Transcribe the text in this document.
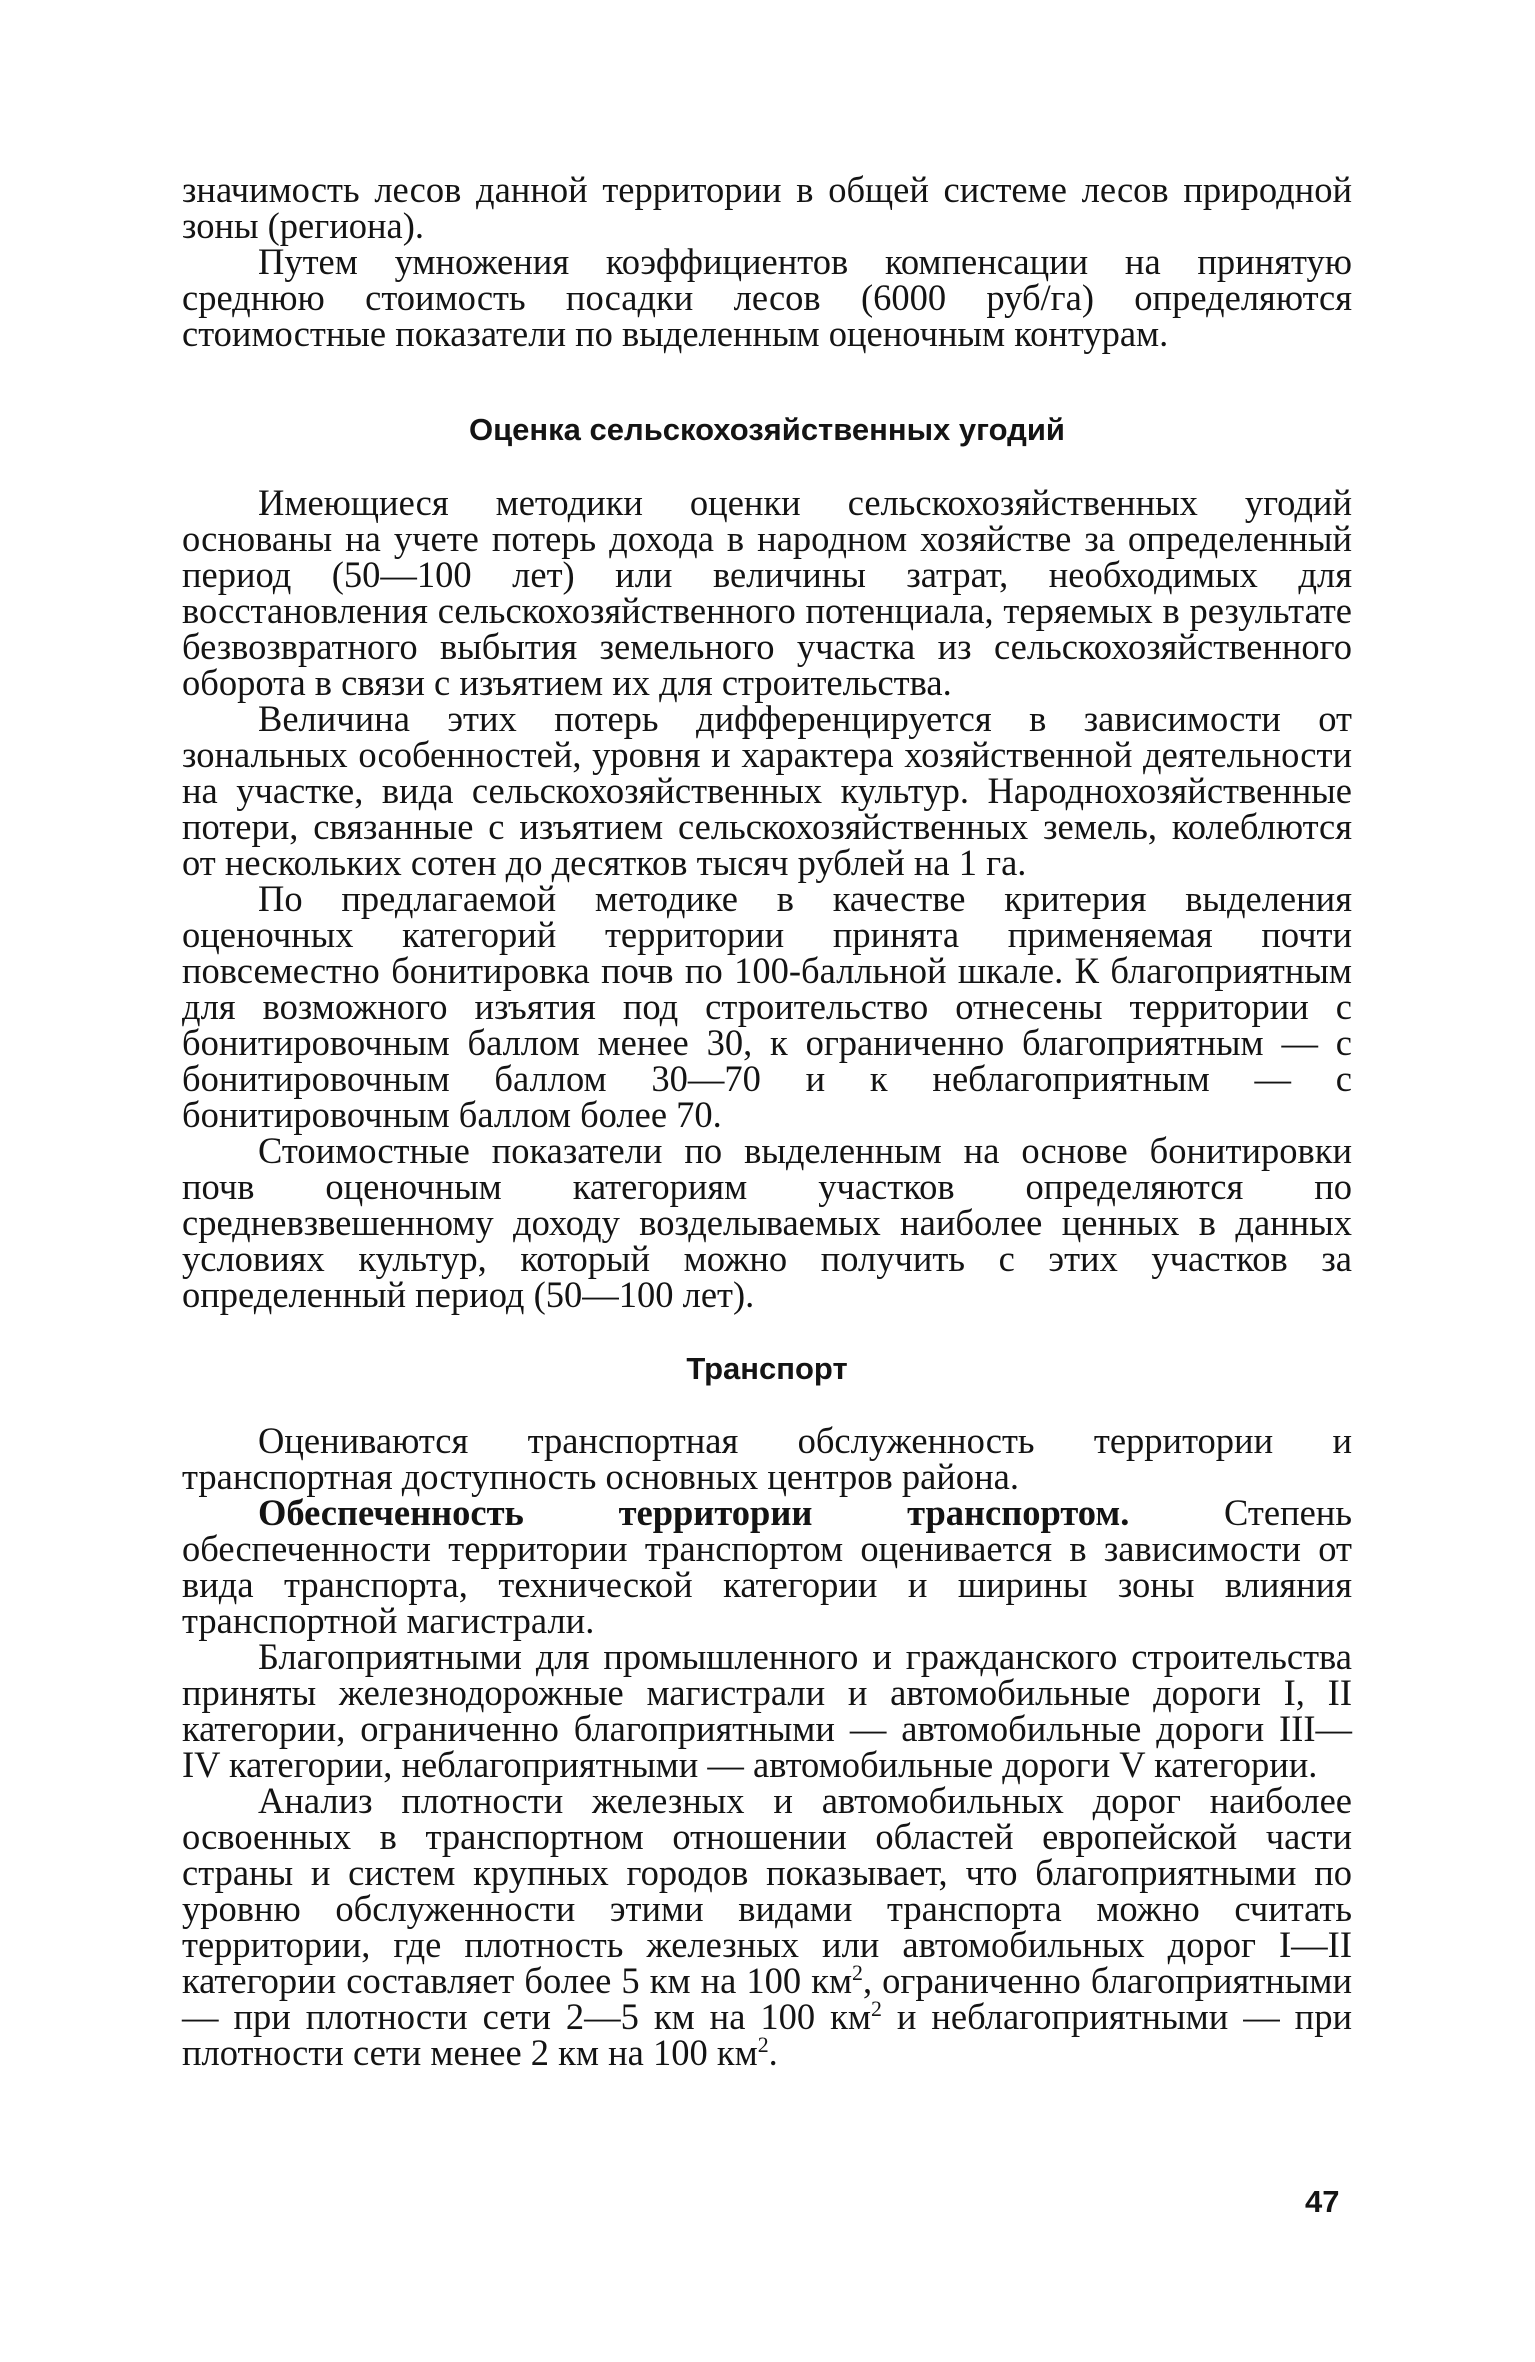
значимость лесов данной территории в общей системе лесов природной зоны (региона).

Путем умножения коэффициентов компенсации на принятую среднюю стоимость посадки лесов (6000 руб/га) определяются стоимостные показатели по выделенным оценочным контурам.

Оценка сельскохозяйственных угодий

Имеющиеся методики оценки сельскохозяйственных угодий основаны на учете потерь дохода в народном хозяйстве за определенный период (50—100 лет) или величины затрат, необходимых для восстановления сельскохозяйственного потенциала, теряемых в результате безвозвратного выбытия земельного участка из сельскохозяйственного оборота в связи с изъятием их для строительства.

Величина этих потерь дифференцируется в зависимости от зональных особенностей, уровня и характера хозяйственной деятельности на участке, вида сельскохозяйственных культур. Народнохозяйственные потери, связанные с изъятием сельскохозяйственных земель, колеблются от нескольких сотен до десятков тысяч рублей на 1 га.

По предлагаемой методике в качестве критерия выделения оценочных категорий территории принята применяемая почти повсеместно бонитировка почв по 100-балльной шкале. К благоприятным для возможного изъятия под строительство отнесены территории с бонитировочным баллом менее 30, к ограниченно благоприятным — с бонитировочным баллом 30—70 и к неблагоприятным — с бонитировочным баллом более 70.

Стоимостные показатели по выделенным на основе бонитировки почв оценочным категориям участков определяются по средневзвешенному доходу возделываемых наиболее ценных в данных условиях культур, который можно получить с этих участков за определенный период (50—100 лет).

Транспорт

Оцениваются транспортная обслуженность территории и транспортная доступность основных центров района.

Обеспеченность территории транспортом. Степень обеспеченности территории транспортом оценивается в зависимости от вида транспорта, технической категории и ширины зоны влияния транспортной магистрали.

Благоприятными для промышленного и гражданского строительства приняты железнодорожные магистрали и автомобильные дороги I, II категории, ограниченно благоприятными — автомобильные дороги III—IV категории, неблагоприятными — автомобильные дороги V категории.

Анализ плотности железных и автомобильных дорог наиболее освоенных в транспортном отношении областей европейской части страны и систем крупных городов показывает, что благоприятными по уровню обслуженности этими видами транспорта можно считать территории, где плотность железных или автомобильных дорог I—II категории составляет более 5 км на 100 $км^2$, ограниченно благоприятными — при плотности сети 2—5 км на 100 $км^2$ и неблагоприятными — при плотности сети менее 2 км на 100 $км^2$.

47
